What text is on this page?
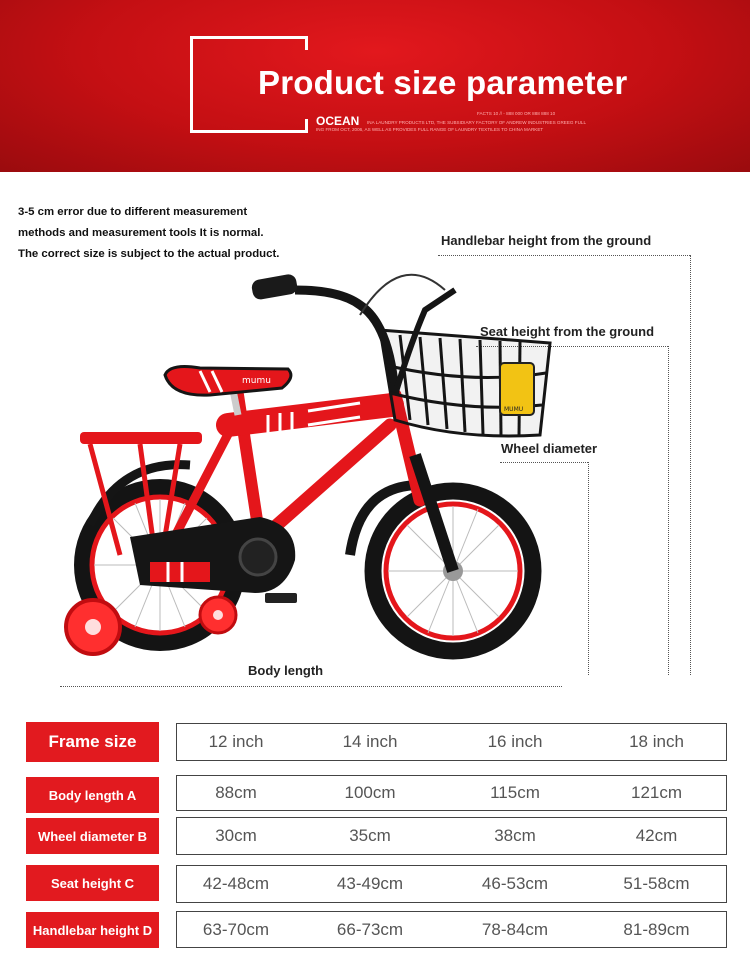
Product size parameter
OCEAN
FACTS 10 // - 888 000 OR 888 888 10
INA LAUNDRY PRODUCTS LTD, THE SUBSIDIARY FACTORY OF ANDREW INDUSTRIES GREEG FULL
ING FROM OCT, 2006, AS WELL AS PROVIDES FULL RANGE OF LAUNDRY TEXTILES TO CHINA MARKET
3-5 cm error due to different measurement
methods and measurement tools It is normal.
The correct size is subject to the actual product.
Handlebar height from the ground
Seat height from the ground
Wheel diameter
Body length
mumu
MUMU
Frame size	12 inch	14 inch	16 inch	18 inch
Body length A	88cm	100cm	115cm	121cm
Wheel diameter B	30cm	35cm	38cm	42cm
Seat height C	42-48cm	43-49cm	46-53cm	51-58cm
Handlebar height D	63-70cm	66-73cm	78-84cm	81-89cm
